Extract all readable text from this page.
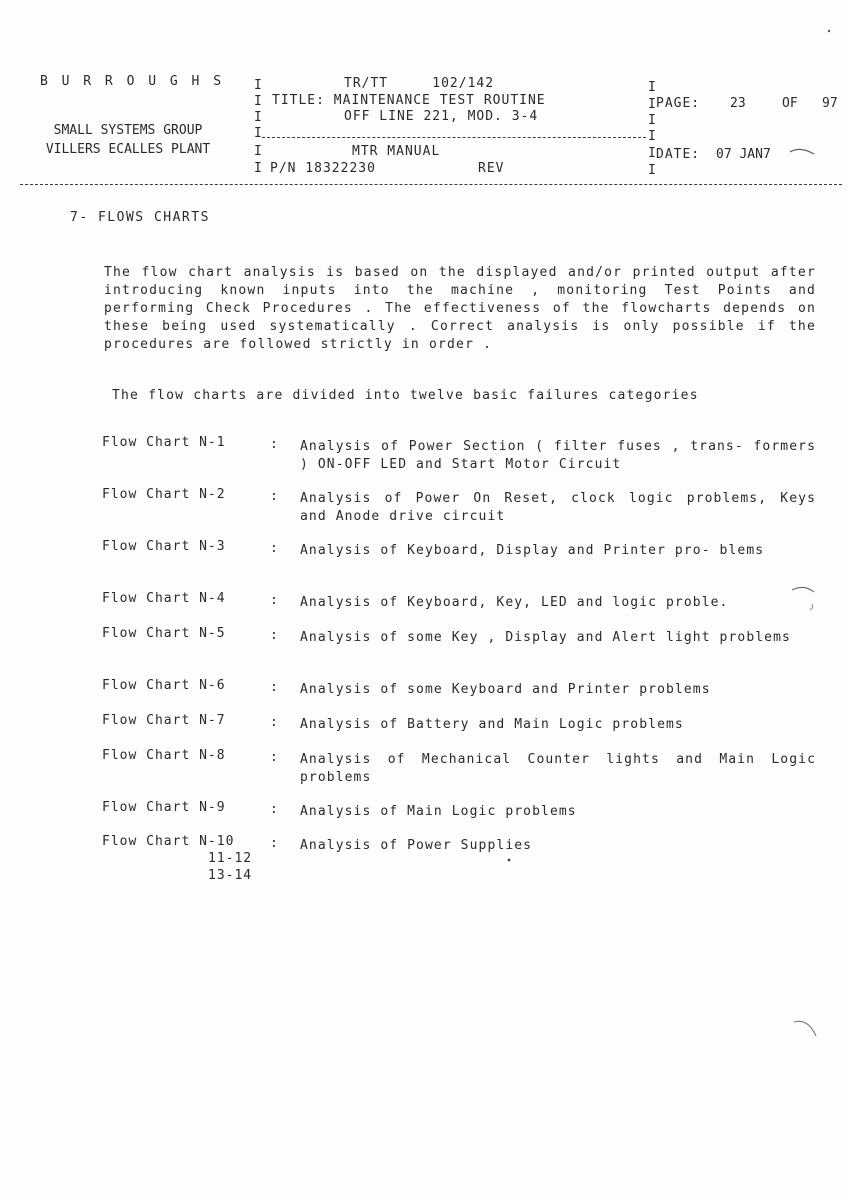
B U R R O U G H S
SMALL SYSTEMS GROUP
VILLERS ECALLES PLANT
I
I
I
I
I
I
TR/TT     102/142
TITLE: MAINTENANCE TEST ROUTINE
OFF LINE 221, MOD. 3-4
MTR MANUAL
P/N 18322230	REV
I
I
I
I
I
I
PAGE: 23	OF 97
DATE: 07 JAN7
7- FLOWS CHARTS
The flow chart analysis is based on the displayed and/or printed output after introducing known inputs into the machine , monitoring Test Points and performing Check Procedures . The effectiveness of the flowcharts depends on these being used systematically . Correct analysis is only possible if the procedures are followed strictly in order .
The flow charts are divided into twelve basic failures categories
Flow Chart N-1	: Analysis of Power Section ( filter fuses , trans- formers ) ON-OFF LED and Start Motor Circuit
Flow Chart N-2	: Analysis of Power On Reset, clock logic problems, Keys and Anode drive circuit
Flow Chart N-3	: Analysis of Keyboard, Display and Printer pro- blems
Flow Chart N-4	: Analysis of Keyboard, Key, LED and logic proble.
Flow Chart N-5	: Analysis of some Key , Display and Alert light problems
Flow Chart N-6	: Analysis of some Keyboard and Printer problems
Flow Chart N-7	: Analysis of Battery and Main Logic problems
Flow Chart N-8	: Analysis of Mechanical Counter lights and Main Logic problems
Flow Chart N-9	: Analysis of Main Logic problems
Flow Chart N-10	: Analysis of Power Supplies
11-12
13-14
